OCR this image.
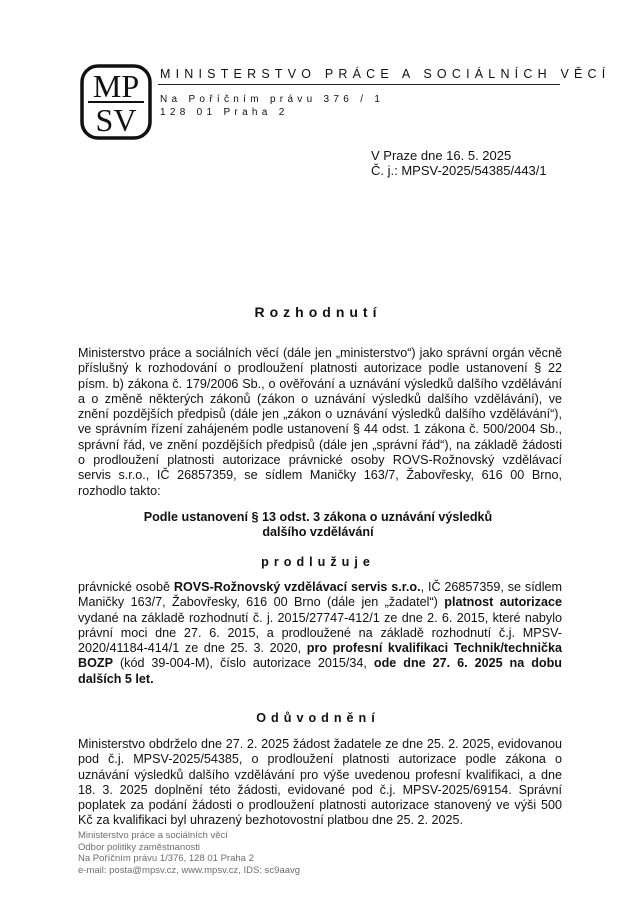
MP
SV
MINISTERSTVO PRÁCE A SOCIÁLNÍCH VĚCÍ
Na Poříčním právu 376 / 1
128 01 Praha 2
V Praze dne 16. 5. 2025
Č. j.: MPSV-2025/54385/443/1
Rozhodnutí
Ministerstvo práce a sociálních věcí (dále jen „ministerstvo“) jako správní orgán věcně příslušný k rozhodování o prodloužení platnosti autorizace podle ustanovení § 22 písm. b) zákona č. 179/2006 Sb., o ověřování a uznávání výsledků dalšího vzdělávání a o změně některých zákonů (zákon o uznávání výsledků dalšího vzdělávání), ve znění pozdějších předpisů (dále jen „zákon o uznávání výsledků dalšího vzdělávání“), ve správním řízení zahájeném podle ustanovení § 44 odst. 1 zákona č. 500/2004 Sb., správní řád, ve znění pozdějších předpisů (dále jen „správní řád“), na základě žádosti o prodloužení platnosti autorizace právnické osoby ROVS-Rožnovský vzdělávací servis s.r.o., IČ 26857359, se sídlem Maničky 163/7, Žabovřesky, 616 00 Brno, rozhodlo takto:
Podle ustanovení § 13 odst. 3 zákona o uznávání výsledků dalšího vzdělávání
prodlužuje
právnické osobě ROVS-Rožnovský vzdělávací servis s.r.o., IČ 26857359, se sídlem Maničky 163/7, Žabovřesky, 616 00 Brno (dále jen „žadatel“) platnost autorizace vydané na základě rozhodnutí č. j. 2015/27747-412/1 ze dne 2. 6. 2015, které nabylo právní moci dne 27. 6. 2015, a prodloužené na základě rozhodnutí č.j. MPSV-2020/41184-414/1 ze dne 25. 3. 2020, pro profesní kvalifikaci Technik/technička BOZP (kód 39-004-M), číslo autorizace 2015/34, ode dne 27. 6. 2025 na dobu dalších 5 let.
Odůvodnění
Ministerstvo obdrželo dne 27. 2. 2025 žádost žadatele ze dne 25. 2. 2025, evidovanou pod č.j. MPSV-2025/54385, o prodloužení platnosti autorizace podle zákona o uznávání výsledků dalšího vzdělávání pro výše uvedenou profesní kvalifikaci, a dne 18. 3. 2025 doplnění této žádosti, evidované pod č.j. MPSV-2025/69154. Správní poplatek za podání žádosti o prodloužení platnosti autorizace stanovený ve výši 500 Kč za kvalifikaci byl uhrazený bezhotovostní platbou dne 25. 2. 2025.
Ministerstvo práce a sociálních věcí
Odbor politiky zaměstnanosti
Na Poříčním právu 1/376, 128 01 Praha 2
e-mail: posta@mpsv.cz, www.mpsv.cz, IDS: sc9aavg
